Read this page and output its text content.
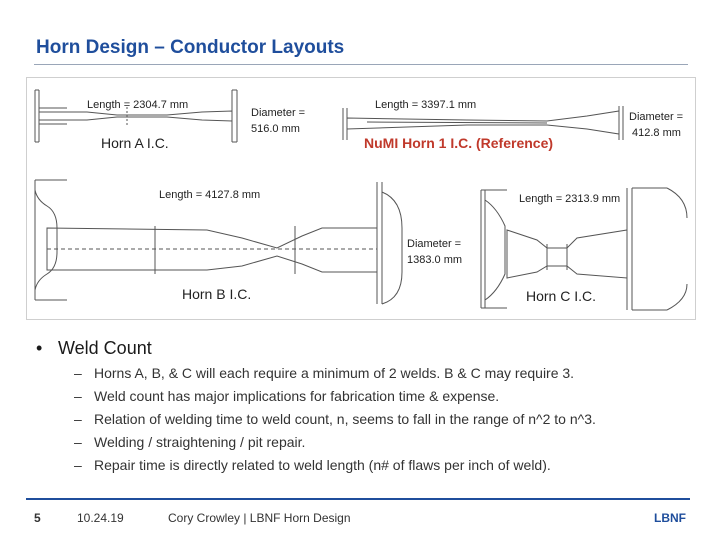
Horn Design – Conductor Layouts
Length = 2304.7 mm
Diameter =
516.0 mm
Horn A I.C.
Length = 3397.1 mm
Diameter =
412.8 mm
NuMI Horn 1 I.C. (Reference)
Length = 4127.8 mm
Horn B I.C.
Length = 2313.9 mm
Diameter =
1383.0 mm
Horn C I.C.
• Weld Count
– Horns A, B, & C will each require a minimum of 2 welds. B & C may require 3.
– Weld count has major implications for fabrication time & expense.
– Relation of welding time to weld count, n, seems to fall in the range of n^2 to n^3.
– Welding / straightening / pit repair.
– Repair time is directly related to weld length (n# of flaws per inch of weld).
5	10.24.19	Cory Crowley | LBNF Horn Design	LBNF
